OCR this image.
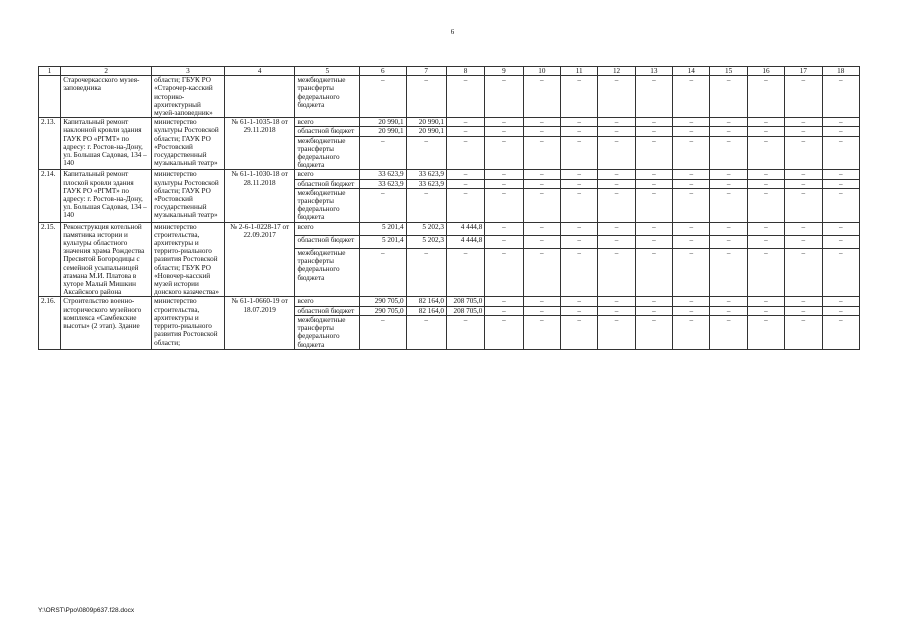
6
1	2	3	4	5	6	7	8	9	10	11	12	13	14	15	16	17	18
	Старочеркасского музея-заповедника	области; ГБУК РО «Старочер-касский историко-архитектурный музей-заповедник»		межбюджетные трансферты федерального бюджета	–	–	–	–	–	–	–	–	–	–	–	–	–
2.13.	Капитальный ремонт наклонной кровли здания ГАУК РО «РГМТ» по адресу: г. Ростов-на-Дону, ул. Большая Садовая, 134 – 140	министерство культуры Ростовской области; ГАУК РО «Ростовский государственный музыкальный театр»	№ 61-1-1035-18 от 29.11.2018	всего	20 990,1	20 990,1	–	–	–	–	–	–	–	–	–	–	–
				областной бюджет	20 990,1	20 990,1	–	–	–	–	–	–	–	–	–	–	–
				межбюджетные трансферты федерального бюджета	–	–	–	–	–	–	–	–	–	–	–	–	–
2.14.	Капитальный ремонт плоской кровли здания ГАУК РО «РГМТ» по адресу: г. Ростов-на-Дону, ул. Большая Садовая, 134 – 140	министерство культуры Ростовской области; ГАУК РО «Ростовский государственный музыкальный театр»	№ 61-1-1030-18 от 28.11.2018	всего	33 623,9	33 623,9	–	–	–	–	–	–	–	–	–	–	–
				областной бюджет	33 623,9	33 623,9	–	–	–	–	–	–	–	–	–	–	–
				межбюджетные трансферты федерального бюджета	–	–	–	–	–	–	–	–	–	–	–	–	–
2.15.	Реконструкция котельной памятника истории и культуры областного значения храма Рождества Пресвятой Богородицы с семейной усыпальницей атамана М.И. Платова в хуторе Малый Мишкин Аксайского района	министерство строительства, архитектуры и террито-риального развития Ростовской области; ГБУК РО «Новочер-касский музей истории донского казачества»	№ 2-6-1-0228-17 от 22.09.2017	всего	5 201,4	5 202,3	4 444,8	–	–	–	–	–	–	–	–	–	–
				областной бюджет	5 201,4	5 202,3	4 444,8	–	–	–	–	–	–	–	–	–	–
				межбюджетные трансферты федерального бюджета	–	–	–	–	–	–	–	–	–	–	–	–	–
2.16.	Строительство военно-исторического музейного комплекса «Самбекские высоты» (2 этап). Здание	министерство строительства, архитектуры и террито-риального развития Ростовской области;	№ 61-1-0660-19 от 18.07.2019	всего	290 705,0	82 164,0	208 705,0	–	–	–	–	–	–	–	–	–	–
				областной бюджет	290 705,0	82 164,0	208 705,0	–	–	–	–	–	–	–	–	–	–
				межбюджетные трансферты федерального бюджета	–	–	–	–	–	–	–	–	–	–	–	–	–
Y:\ORST\Ppo\0809p637.f28.docx
